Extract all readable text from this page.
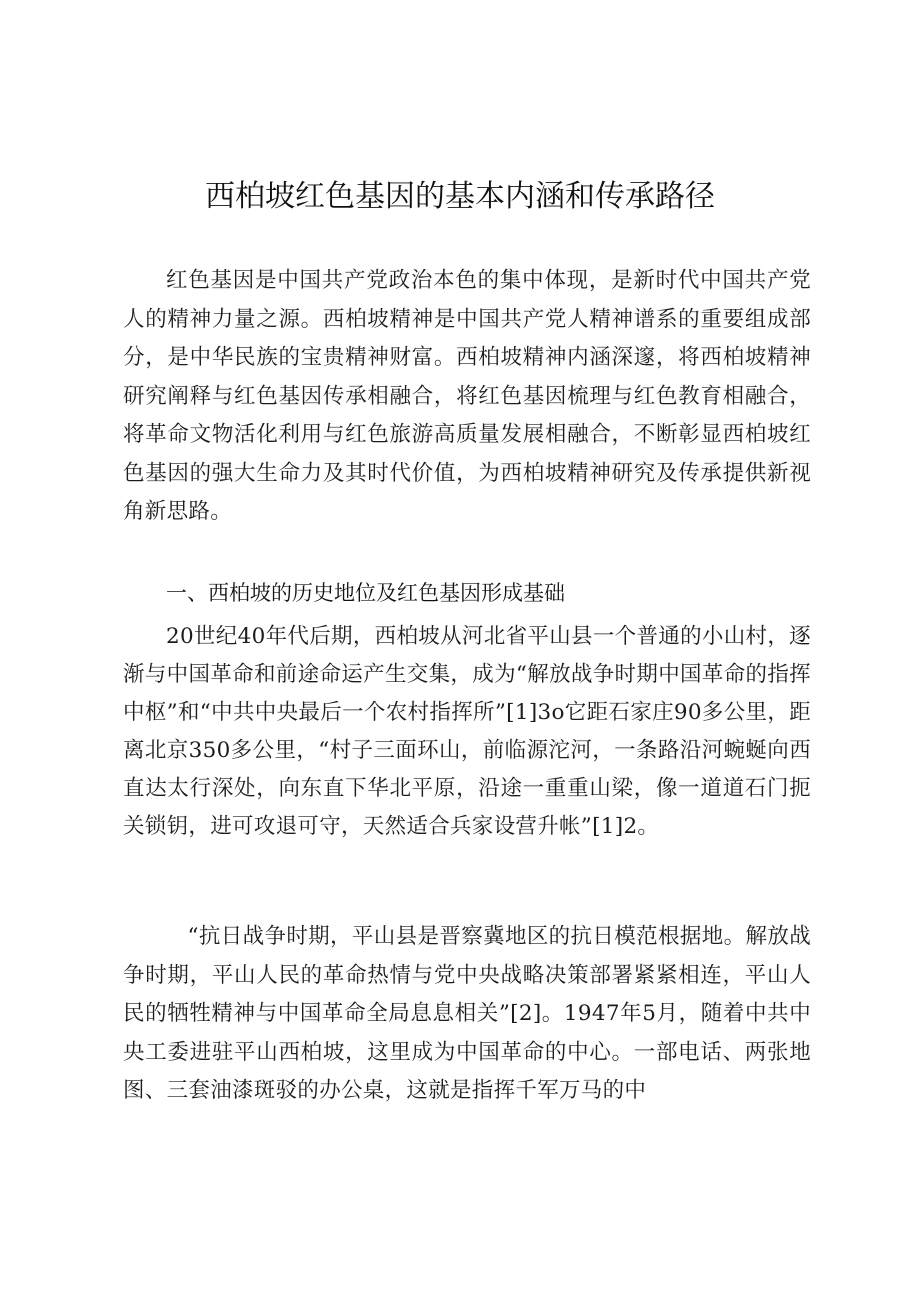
西柏坡红色基因的基本内涵和传承路径
红色基因是中国共产党政治本色的集中体现，是新时代中国共产党人的精神力量之源。西柏坡精神是中国共产党人精神谱系的重要组成部分，是中华民族的宝贵精神财富。西柏坡精神内涵深邃，将西柏坡精神研究阐释与红色基因传承相融合，将红色基因梳理与红色教育相融合，将革命文物活化利用与红色旅游高质量发展相融合，不断彰显西柏坡红色基因的强大生命力及其时代价值，为西柏坡精神研究及传承提供新视角新思路。
一、西柏坡的历史地位及红色基因形成基础
20世纪40年代后期，西柏坡从河北省平山县一个普通的小山村，逐渐与中国革命和前途命运产生交集，成为“解放战争时期中国革命的指挥中枢”和“中共中央最后一个农村指挥所”[1]3o它距石家庄90多公里，距离北京350多公里，“村子三面环山，前临源沱河，一条路沿河蜿蜒向西直达太行深处，向东直下华北平原，沿途一重重山梁，像一道道石门扼关锁钥，进可攻退可守，天然适合兵家设营升帐”[1]2。
“抗日战争时期，平山县是晋察冀地区的抗日模范根据地。解放战争时期，平山人民的革命热情与党中央战略决策部署紧紧相连，平山人民的牺牲精神与中国革命全局息息相关”[2]。1947年5月，随着中共中央工委进驻平山西柏坡，这里成为中国革命的中心。一部电话、两张地图、三套油漆斑驳的办公桌，这就是指挥千军万马的中
